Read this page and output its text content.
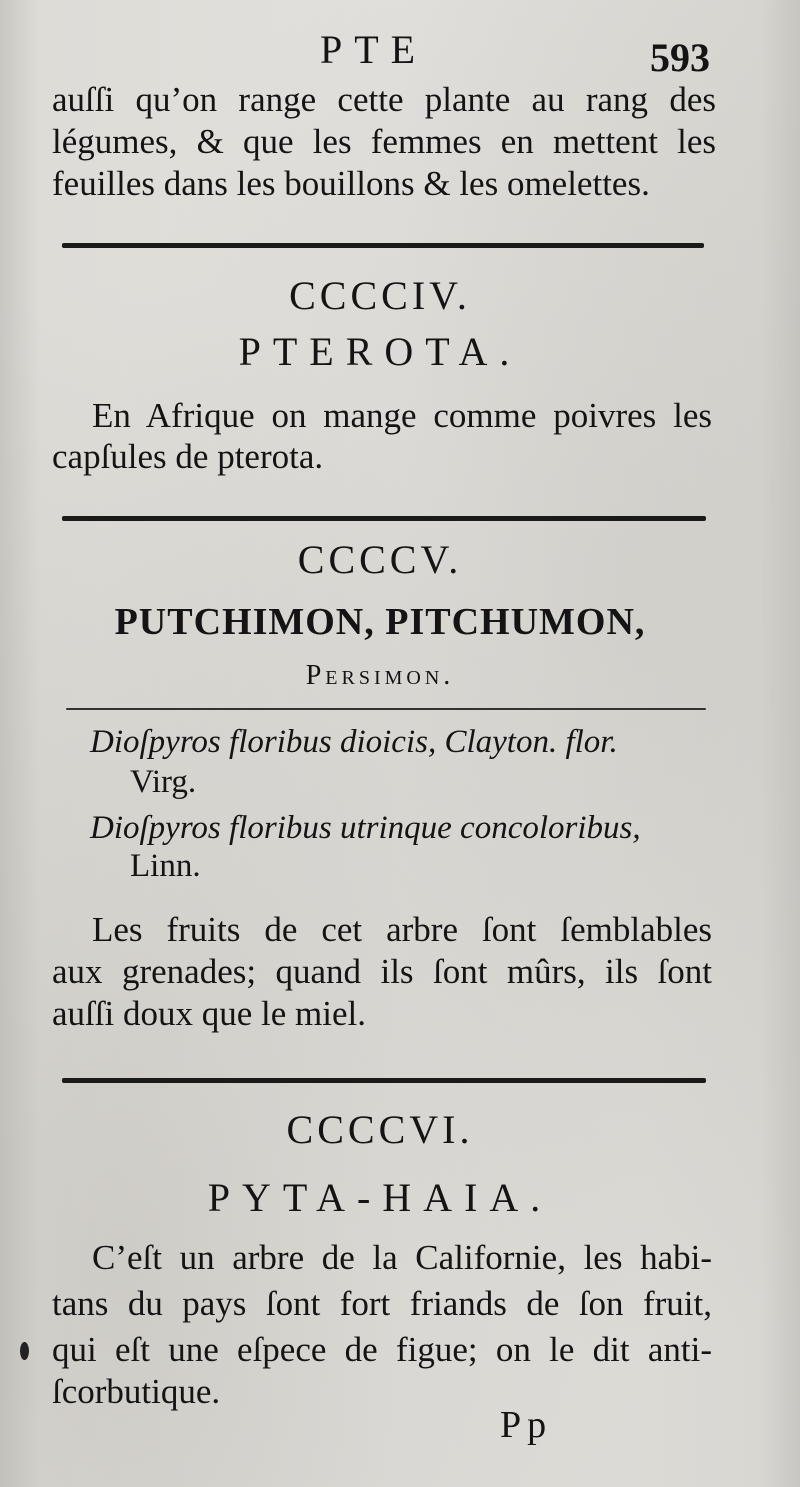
PTE	593
auſſi qu’on range cette plante au rang des
légumes, & que les femmes en mettent les
feuilles dans les bouillons & les omelettes.
CCCCIV.
PTEROTA.
En Afrique on mange comme poivres les
capſules de pterota.
CCCCV.
PUTCHIMON, PITCHUMON,
Persimon.
Dioſpyros floribus dioicis, Clayton. flor.
Virg.
Dioſpyros floribus utrinque concoloribus,
Linn.
Les fruits de cet arbre ſont ſemblables
aux grenades; quand ils ſont mûrs, ils ſont
auſſi doux que le miel.
CCCCVI.
PYTA-HAIA.
C’eſt un arbre de la Californie, les habi-
tans du pays ſont fort friands de ſon fruit,
qui eſt une eſpece de figue; on le dit anti-
ſcorbutique.
Pp
